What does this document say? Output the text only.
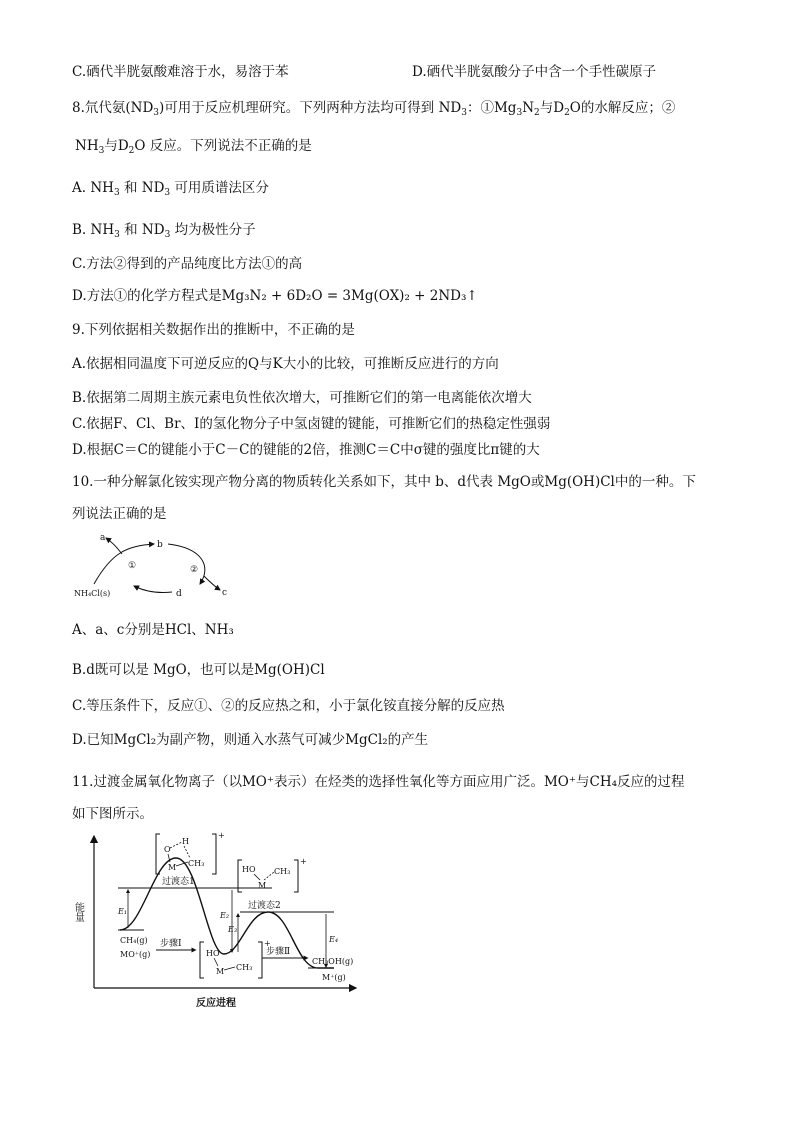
C.硒代半胱氨酸难溶于水，易溶于苯	D.硒代半胱氨酸分子中含一个手性碳原子
8.氘代氨$(ND_3)$可用于反应机理研究。下列两种方法均可得到 $ND_3$：$①Mg_3N_2$与$D_2O$的水解反应；②
$NH_3$与$D_2O$ 反应。下列说法不正确的是
A. $NH_3$ 和 $ND_3$ 可用质谱法区分
B. $NH_3$ 和 $ND_3$ 均为极性分子
C.方法②得到的产品纯度比方法①的高
D.方法①的化学方程式是Mg₃N₂ + 6D₂O = 3Mg(OX)₂ + 2ND₃↑
9.下列依据相关数据作出的推断中，不正确的是
A.依据相同温度下可逆反应的Q与K大小的比较，可推断反应进行的方向
B.依据第二周期主族元素电负性依次增大，可推断它们的第一电离能依次增大
C.依据F、Cl、Br、I的氢化物分子中氢卤键的键能，可推断它们的热稳定性强弱
D.根据C＝C的键能小于C－C的键能的2倍，推测C＝C中σ键的强度比π键的大
10.一种分解氯化铵实现产物分离的物质转化关系如下，其中 b、d代表 MgO或Mg(OH)Cl中的一种。下
列说法正确的是
a
b
c
d
①	②
NH₄Cl(s)
A、a、c分别是HCl、NH₃
B.d既可以是 MgO，也可以是Mg(OH)Cl
C.等压条件下，反应①、②的反应热之和，小于氯化铵直接分解的反应热
D.已知MgCl₂为副产物，则通入水蒸气可减少MgCl₂的产生
11.过渡金属氧化物离子（以MO⁺表示）在烃类的选择性氧化等方面应用广泛。MO⁺与CH₄反应的过程
如下图所示。
能量
反应进程
E₁	E₂
E₃
E₄
过渡态1
过渡态2
CH₄(g)
MO⁺(g)
CH₃OH(g)
M⁺(g)
步骤Ⅰ
步骤Ⅱ
+
O
H
M CH₃	+
HO
M
CH₃
+
HO
M CH₃
